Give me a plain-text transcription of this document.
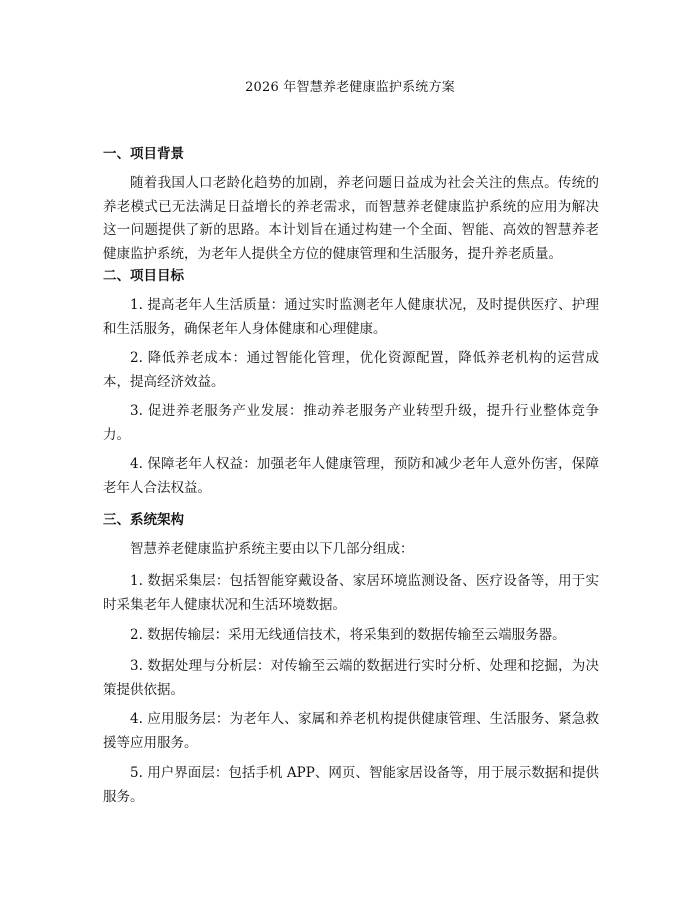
2026 年智慧养老健康监护系统方案
一、项目背景

随着我国人口老龄化趋势的加剧，养老问题日益成为社会关注的焦点。传统的养老模式已无法满足日益增长的养老需求，而智慧养老健康监护系统的应用为解决这一问题提供了新的思路。本计划旨在通过构建一个全面、智能、高效的智慧养老健康监护系统，为老年人提供全方位的健康管理和生活服务，提升养老质量。

二、项目目标

1. 提高老年人生活质量：通过实时监测老年人健康状况，及时提供医疗、护理和生活服务，确保老年人身体健康和心理健康。

2. 降低养老成本：通过智能化管理，优化资源配置，降低养老机构的运营成本，提高经济效益。

3. 促进养老服务产业发展：推动养老服务产业转型升级，提升行业整体竞争力。

4. 保障老年人权益：加强老年人健康管理，预防和减少老年人意外伤害，保障老年人合法权益。

三、系统架构

智慧养老健康监护系统主要由以下几部分组成：

1. 数据采集层：包括智能穿戴设备、家居环境监测设备、医疗设备等，用于实时采集老年人健康状况和生活环境数据。

2. 数据传输层：采用无线通信技术，将采集到的数据传输至云端服务器。

3. 数据处理与分析层：对传输至云端的数据进行实时分析、处理和挖掘，为决策提供依据。

4. 应用服务层：为老年人、家属和养老机构提供健康管理、生活服务、紧急救援等应用服务。

5. 用户界面层：包括手机 APP、网页、智能家居设备等，用于展示数据和提供服务。
